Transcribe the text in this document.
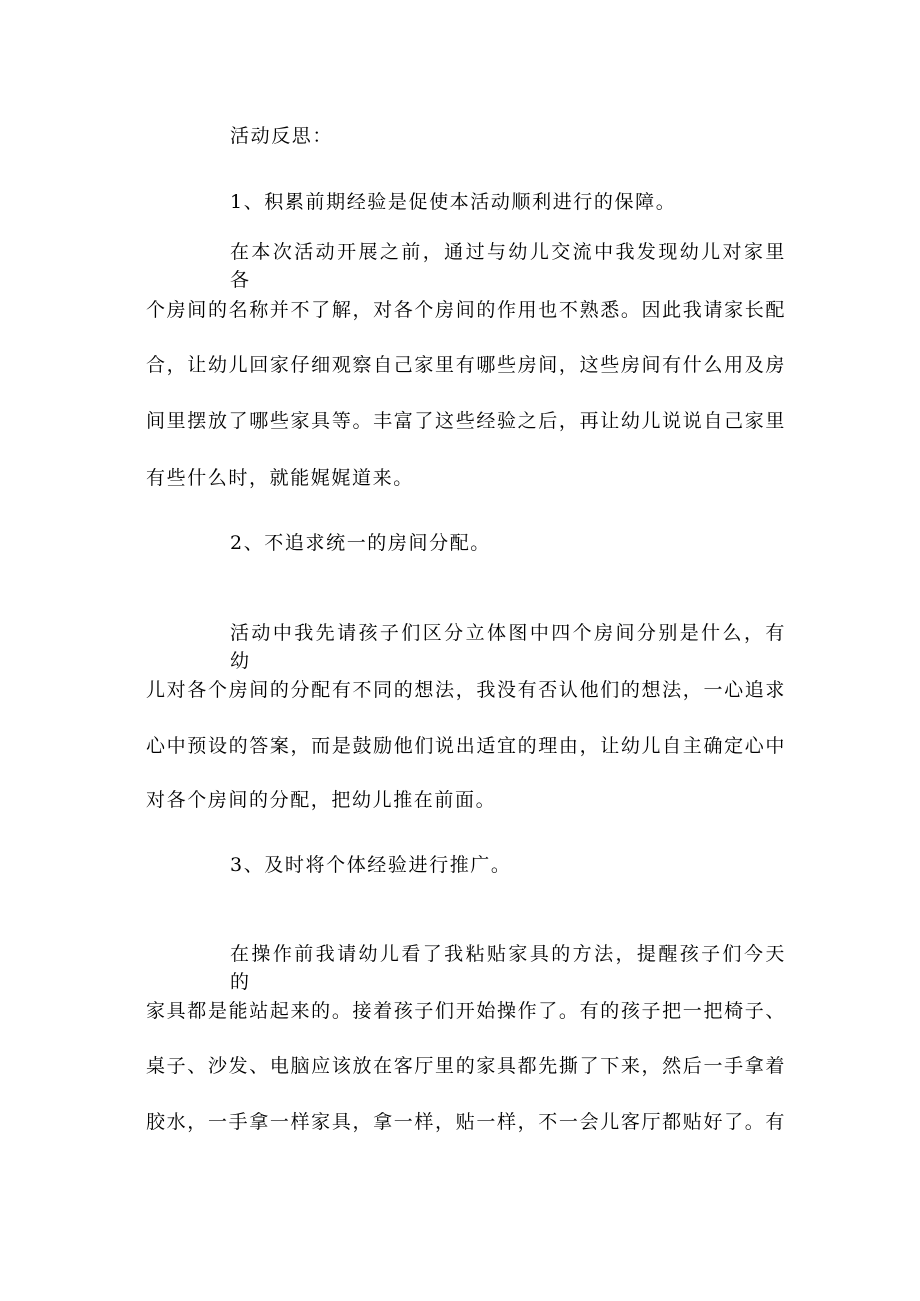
活动反思：
1、积累前期经验是促使本活动顺利进行的保障。
在本次活动开展之前，通过与幼儿交流中我发现幼儿对家里各
个房间的名称并不了解，对各个房间的作用也不熟悉。因此我请家长配
合，让幼儿回家仔细观察自己家里有哪些房间，这些房间有什么用及房
间里摆放了哪些家具等。丰富了这些经验之后，再让幼儿说说自己家里
有些什么时，就能娓娓道来。
2、不追求统一的房间分配。
活动中我先请孩子们区分立体图中四个房间分别是什么，有幼
儿对各个房间的分配有不同的想法，我没有否认他们的想法，一心追求
心中预设的答案，而是鼓励他们说出适宜的理由，让幼儿自主确定心中
对各个房间的分配，把幼儿推在前面。
3、及时将个体经验进行推广。
在操作前我请幼儿看了我粘贴家具的方法，提醒孩子们今天的
家具都是能站起来的。接着孩子们开始操作了。有的孩子把一把椅子、
桌子、沙发、电脑应该放在客厅里的家具都先撕了下来，然后一手拿着
胶水，一手拿一样家具，拿一样，贴一样，不一会儿客厅都贴好了。有
